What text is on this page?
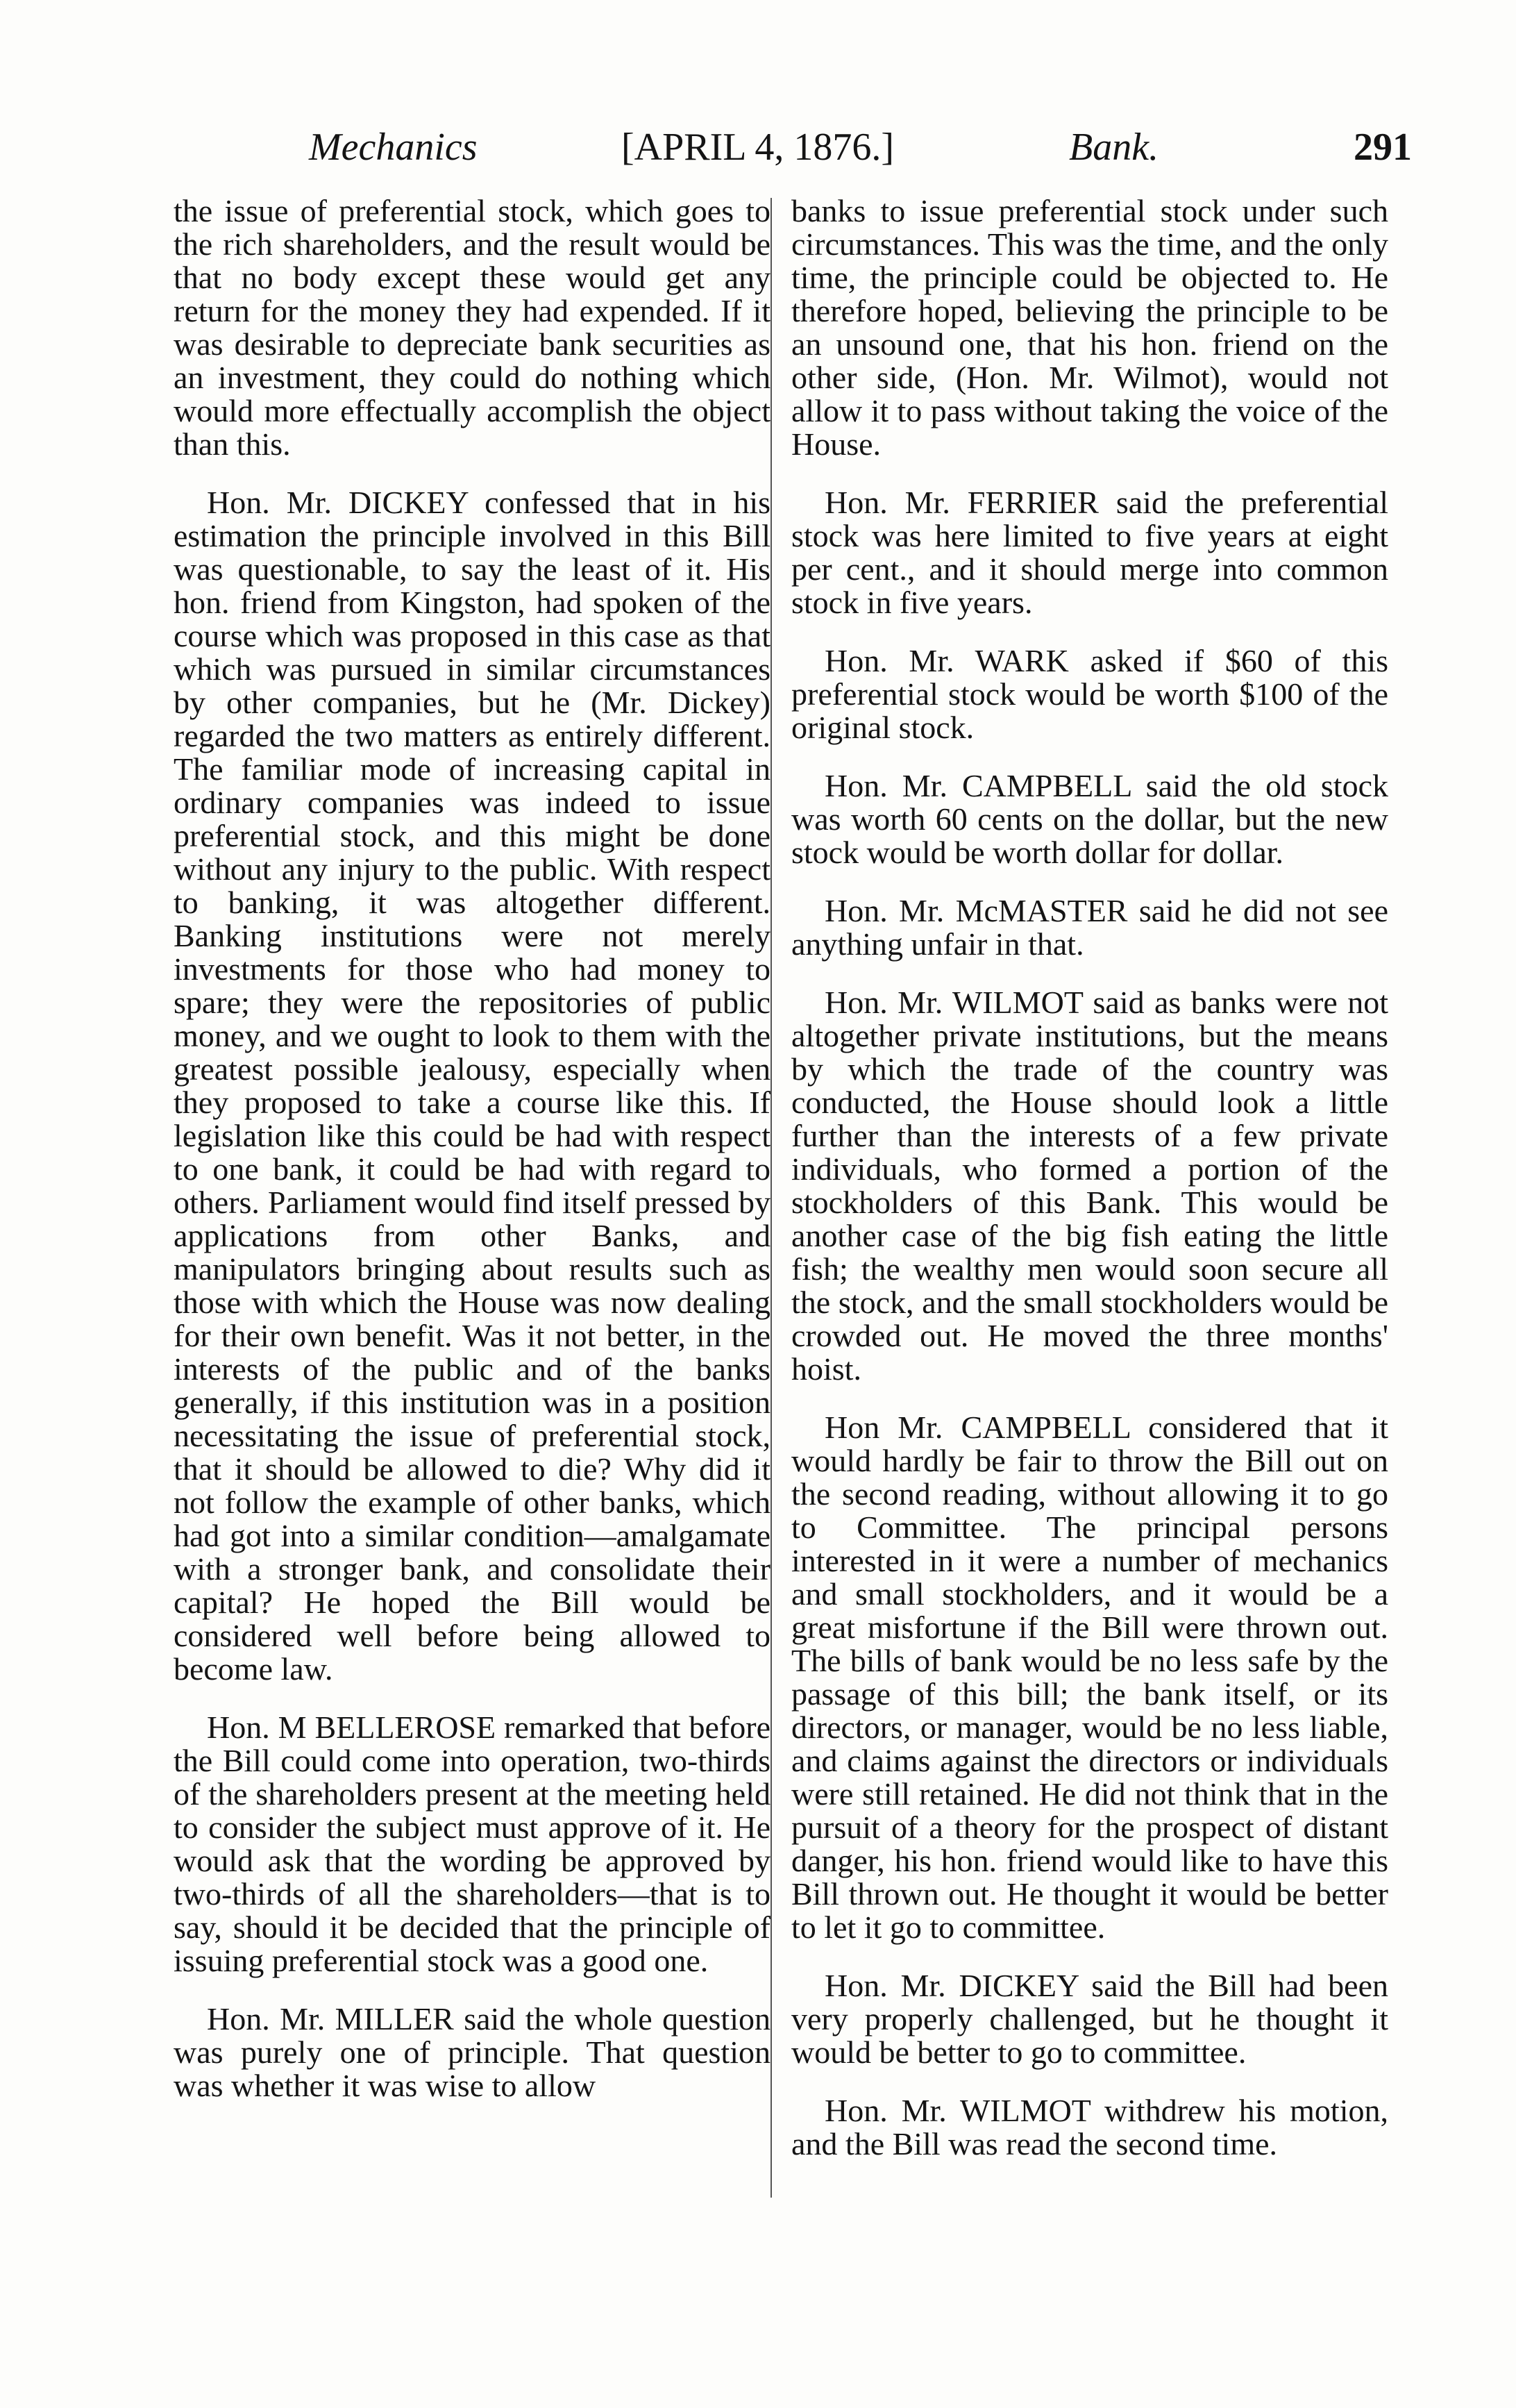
Mechanics	[APRIL 4, 1876.]	Bank.	291

the issue of preferential stock, which goes to the rich shareholders, and the result would be that no body except these would get any return for the money they had expended. If it was desirable to depreciate bank securities as an investment, they could do nothing which would more effectually accomplish the object than this.

Hon. Mr. DICKEY confessed that in his estimation the principle involved in this Bill was questionable, to say the least of it. His hon. friend from Kingston, had spoken of the course which was proposed in this case as that which was pursued in similar circumstances by other companies, but he (Mr. Dickey) regarded the two matters as entirely different. The familiar mode of increasing capital in ordinary companies was indeed to issue preferential stock, and this might be done without any injury to the public. With respect to banking, it was altogether different. Banking institutions were not merely investments for those who had money to spare; they were the repositories of public money, and we ought to look to them with the greatest possible jealousy, especially when they proposed to take a course like this. If legislation like this could be had with respect to one bank, it could be had with regard to others. Parliament would find itself pressed by applications from other Banks, and manipulators bringing about results such as those with which the House was now dealing for their own benefit. Was it not better, in the interests of the public and of the banks generally, if this institution was in a position necessitating the issue of preferential stock, that it should be allowed to die? Why did it not follow the example of other banks, which had got into a similar condition—amalgamate with a stronger bank, and consolidate their capital? He hoped the Bill would be considered well before being allowed to become law.

Hon. M BELLEROSE remarked that before the Bill could come into operation, two-thirds of the shareholders present at the meeting held to consider the subject must approve of it. He would ask that the wording be approved by two-thirds of all the shareholders—that is to say, should it be decided that the principle of issuing preferential stock was a good one.

Hon. Mr. MILLER said the whole question was purely one of principle. That question was whether it was wise to allow

banks to issue preferential stock under such circumstances. This was the time, and the only time, the principle could be objected to. He therefore hoped, believing the principle to be an unsound one, that his hon. friend on the other side, (Hon. Mr. Wilmot), would not allow it to pass without taking the voice of the House.

Hon. Mr. FERRIER said the preferential stock was here limited to five years at eight per cent., and it should merge into common stock in five years.

Hon. Mr. WARK asked if $60 of this preferential stock would be worth $100 of the original stock.

Hon. Mr. CAMPBELL said the old stock was worth 60 cents on the dollar, but the new stock would be worth dollar for dollar.

Hon. Mr. McMASTER said he did not see anything unfair in that.

Hon. Mr. WILMOT said as banks were not altogether private institutions, but the means by which the trade of the country was conducted, the House should look a little further than the interests of a few private individuals, who formed a portion of the stockholders of this Bank. This would be another case of the big fish eating the little fish; the wealthy men would soon secure all the stock, and the small stockholders would be crowded out. He moved the three months' hoist.

Hon Mr. CAMPBELL considered that it would hardly be fair to throw the Bill out on the second reading, without allowing it to go to Committee. The principal persons interested in it were a number of mechanics and small stockholders, and it would be a great misfortune if the Bill were thrown out. The bills of bank would be no less safe by the passage of this bill; the bank itself, or its directors, or manager, would be no less liable, and claims against the directors or individuals were still retained. He did not think that in the pursuit of a theory for the prospect of distant danger, his hon. friend would like to have this Bill thrown out. He thought it would be better to let it go to committee.

Hon. Mr. DICKEY said the Bill had been very properly challenged, but he thought it would be better to go to committee.

Hon. Mr. WILMOT withdrew his motion, and the Bill was read the second time.
